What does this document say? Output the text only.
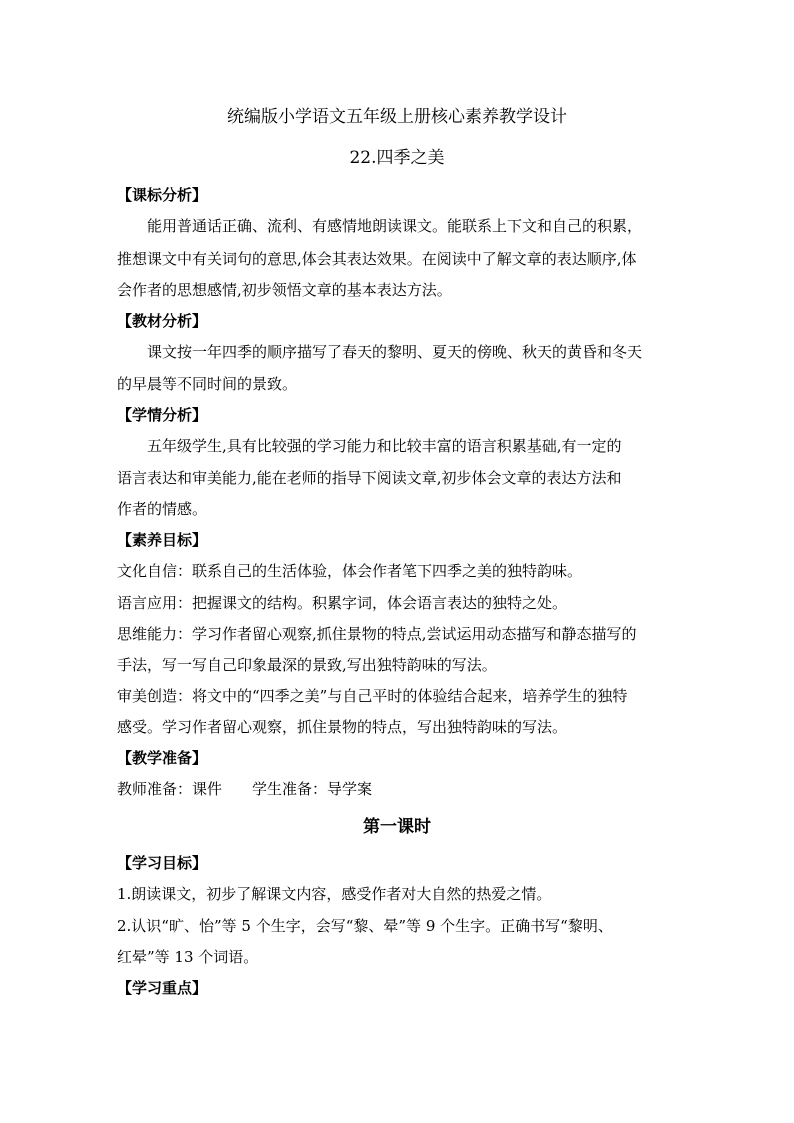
统编版小学语文五年级上册核心素养教学设计
22.四季之美
【课标分析】
能用普通话正确、流利、有感情地朗读课文。能联系上下文和自己的积累，
推想课文中有关词句的意思,体会其表达效果。在阅读中了解文章的表达顺序,体
会作者的思想感情,初步领悟文章的基本表达方法。
【教材分析】
课文按一年四季的顺序描写了春天的黎明、夏天的傍晚、秋天的黄昏和冬天
的早晨等不同时间的景致。
【学情分析】
五年级学生,具有比较强的学习能力和比较丰富的语言积累基础,有一定的
语言表达和审美能力,能在老师的指导下阅读文章,初步体会文章的表达方法和
作者的情感。
【素养目标】
文化自信：联系自己的生活体验，体会作者笔下四季之美的独特韵味。
语言应用：把握课文的结构。积累字词，体会语言表达的独特之处。
思维能力：学习作者留心观察,抓住景物的特点,尝试运用动态描写和静态描写的
手法，写一写自己印象最深的景致,写出独特韵味的写法。
审美创造：将文中的“四季之美”与自己平时的体验结合起来，培养学生的独特
感受。学习作者留心观察，抓住景物的特点，写出独特韵味的写法。
【教学准备】
教师准备：课件 学生准备：导学案
第一课时
【学习目标】
1.朗读课文，初步了解课文内容，感受作者对大自然的热爱之情。
2.认识“旷、怡”等 5 个生字，会写“黎、晕”等 9 个生字。正确书写“黎明、
红晕”等 13 个词语。
【学习重点】
